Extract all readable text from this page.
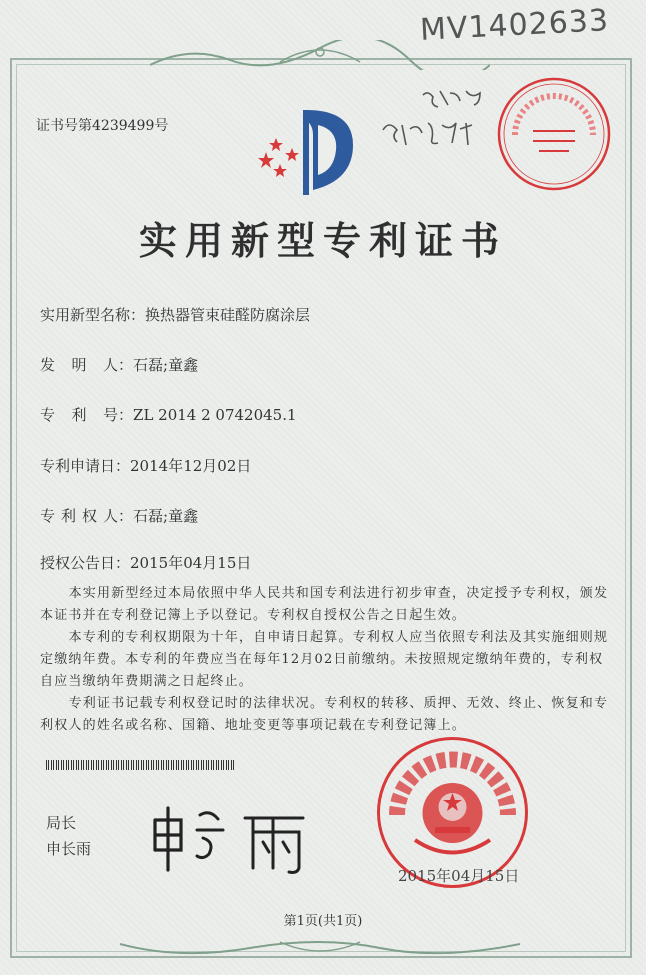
MV1402633
证书号第4239499号
实用新型专利证书
实用新型名称：换热器管束硅醛防腐涂层
发明人：石磊;童鑫
专利号：ZL 2014 2 0742045.1
专利申请日：2014年12月02日
专利权人：石磊;童鑫
授权公告日：2015年04月15日

本实用新型经过本局依照中华人民共和国专利法进行初步审查，决定授予专利权，颁发本证书并在专利登记簿上予以登记。专利权自授权公告之日起生效。

本专利的专利权期限为十年，自申请日起算。专利权人应当依照专利法及其实施细则规定缴纳年费。本专利的年费应当在每年12月02日前缴纳。未按照规定缴纳年费的，专利权自应当缴纳年费期满之日起终止。

专利证书记载专利权登记时的法律状况。专利权的转移、质押、无效、终止、恢复和专利权人的姓名或名称、国籍、地址变更等事项记载在专利登记簿上。

局长
申长雨
2015年04月15日
第1页(共1页)
